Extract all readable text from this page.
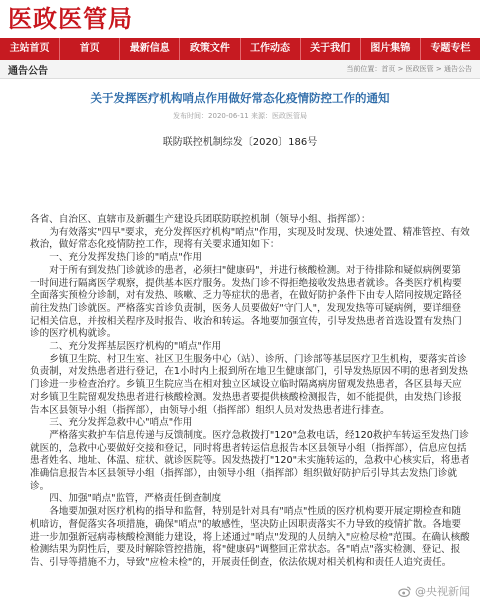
医政医管局
主站首页	首页	最新信息	政策文件	工作动态	关于我们	图片集锦	专题专栏
通告公告	当前位置：首页 > 医政医管 > 通告公告
关于发挥医疗机构哨点作用做好常态化疫情防控工作的通知
发布时间：2020-06-11 来源：医政医管局
联防联控机制综发〔2020〕186号

各省、自治区、直辖市及新疆生产建设兵团联防联控机制（领导小组、指挥部）：

为有效落实"四早"要求，充分发挥医疗机构"哨点"作用，实现及时发现、快速处置、精准管控、有效救治，做好常态化疫情防控工作，现将有关要求通知如下：

一、充分发挥发热门诊的"哨点"作用

对于所有到发热门诊就诊的患者，必须扫"健康码"，并进行核酸检测。对于待排除和疑似病例要第一时间进行隔离医学观察，提供基本医疗服务。发热门诊不得拒绝接收发热患者就诊。各类医疗机构要全面落实预检分诊制，对有发热、咳嗽、乏力等症状的患者，在做好防护条件下由专人陪同按规定路径前往发热门诊就医。严格落实首诊负责制，医务人员要做好"守门人"，发现发热等可疑病例，要详细登记相关信息，并按相关程序及时报告、收治和转运。各地要加强宣传，引导发热患者首选设置有发热门诊的医疗机构就诊。

二、充分发挥基层医疗机构的"哨点"作用

乡镇卫生院、村卫生室、社区卫生服务中心（站）、诊所、门诊部等基层医疗卫生机构，要落实首诊负责制，对发热患者进行登记，在1小时内上报到所在地卫生健康部门，引导发热原因不明的患者到发热门诊进一步检查治疗。乡镇卫生院应当在相对独立区域设立临时隔离病房留观发热患者，各区县每天应对乡镇卫生院留观发热患者进行核酸检测。发热患者要提供核酸检测报告，如不能提供，由发热门诊报告本区县领导小组（指挥部），由领导小组（指挥部）组织人员对发热患者进行排查。

三、充分发挥急救中心"哨点"作用

严格落实救护车信息传递与反馈制度。医疗急救拨打"120"急救电话，经120救护车转运至发热门诊就医的，急救中心要做好交接和登记，同时将患者转运信息报告本区县领导小组（指挥部），信息应包括患者姓名、地址、体温、症状、就诊医院等。因发热拨打"120"未实施转运的，急救中心核实后，将患者准确信息报告本区县领导小组（指挥部），由领导小组（指挥部）组织做好防护后引导其去发热门诊就诊。

四、加强"哨点"监管，严格责任倒查制度

各地要加强对医疗机构的指导和监督，特别是针对具有"哨点"性质的医疗机构要开展定期检查和随机暗访，督促落实各项措施，确保"哨点"的敏感性，坚决防止因职责落实不力导致的疫情扩散。各地要进一步加强新冠病毒核酸检测能力建设，将上述通过"哨点"发现的人员纳入"应检尽检"范围。在确认核酸检测结果为阴性后，要及时解除管控措施，将"健康码"调整回正常状态。各"哨点"落实检测、登记、报告、引导等措施不力，导致"应检未检"的，开展责任倒查，依法依规对相关机构和责任人追究责任。

@央视新闻
